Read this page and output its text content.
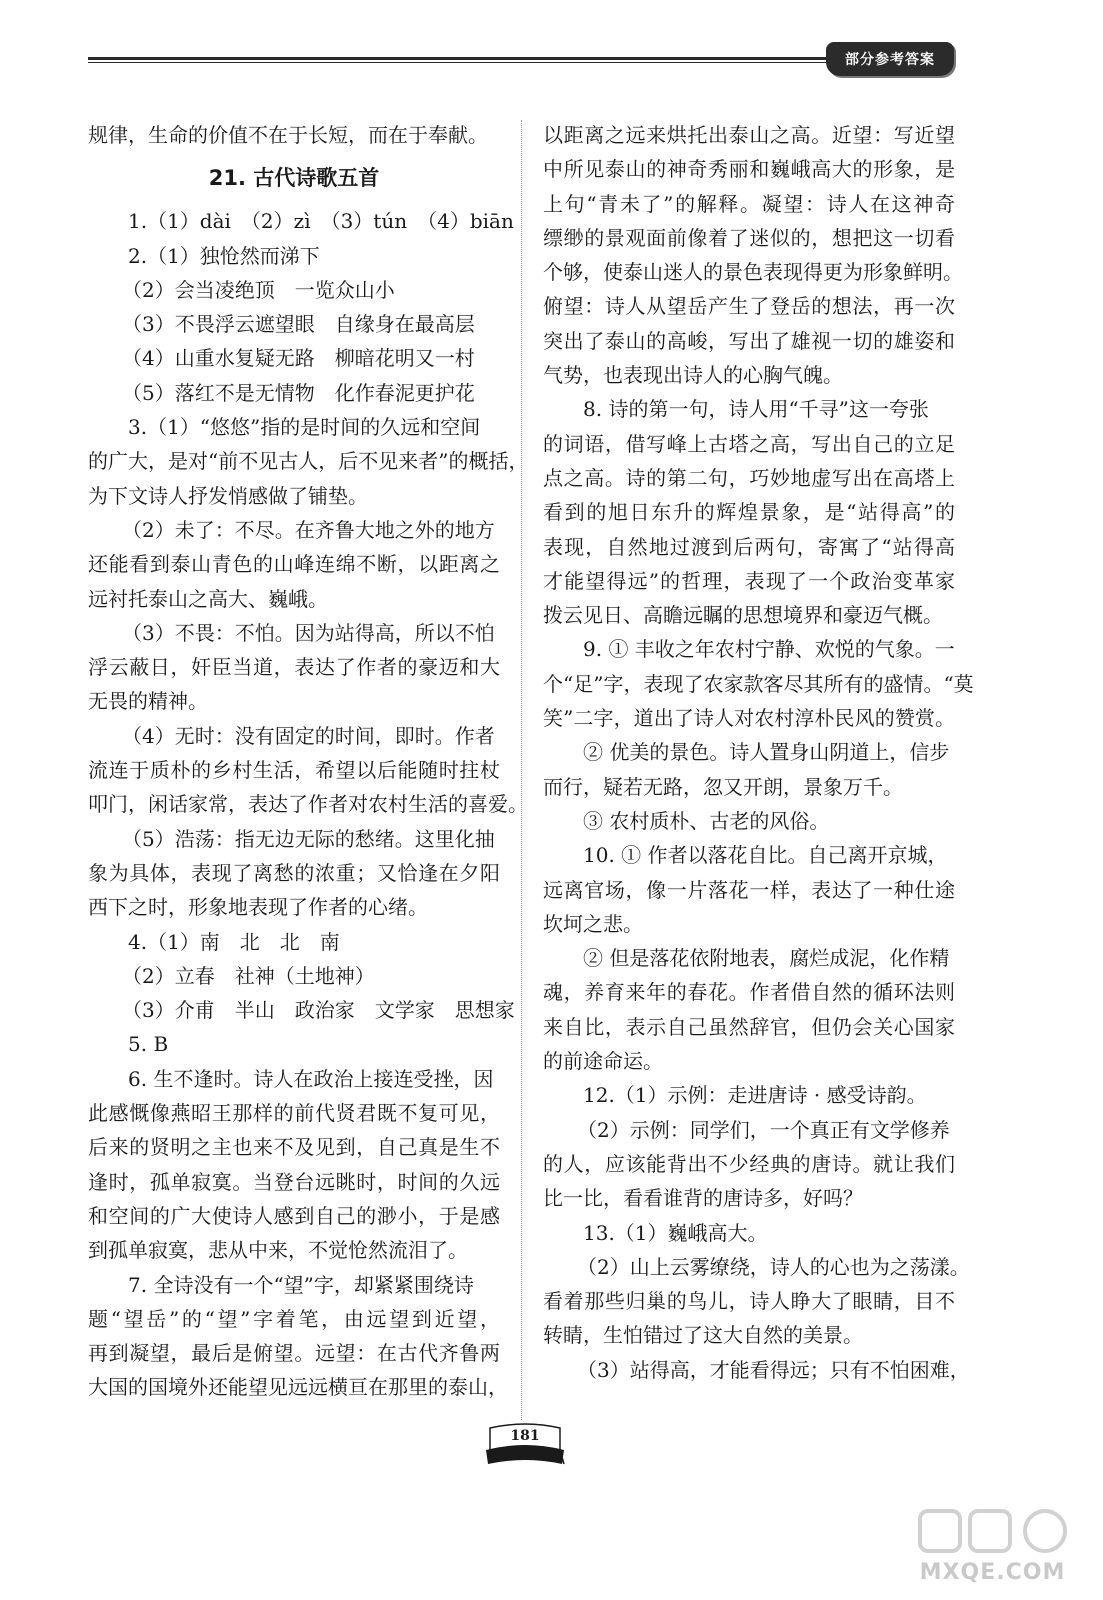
部分参考答案
规律，生命的价值不在于长短，而在于奉献。
21. 古代诗歌五首
1.（1）dài　（2）zì　（3）tún　（4）biān
2.（1）独怆然而涕下
（2）会当凌绝顶　一览众山小
（3）不畏浮云遮望眼　自缘身在最高层
（4）山重水复疑无路　柳暗花明又一村
（5）落红不是无情物　化作春泥更护花
3.（1）“悠悠”指的是时间的久远和空间
的广大，是对“前不见古人，后不见来者”的概括，
为下文诗人抒发悄感做了铺垫。
（2）未了：不尽。在齐鲁大地之外的地方
还能看到泰山青色的山峰连绵不断，以距离之
远衬托泰山之高大、巍峨。
（3）不畏：不怕。因为站得高，所以不怕
浮云蔽日，奸臣当道，表达了作者的豪迈和大
无畏的精神。
（4）无时：没有固定的时间，即时。作者
流连于质朴的乡村生活，希望以后能随时拄杖
叩门，闲话家常，表达了作者对农村生活的喜爱。
（5）浩荡：指无边无际的愁绪。这里化抽
象为具体，表现了离愁的浓重；又恰逢在夕阳
西下之时，形象地表现了作者的心绪。
4.（1）南　北　北　南
（2）立春　社神（土地神）
（3）介甫　半山　政治家　文学家　思想家
5. B
6. 生不逢时。诗人在政治上接连受挫，因
此感慨像燕昭王那样的前代贤君既不复可见，
后来的贤明之主也来不及见到，自己真是生不
逢时，孤单寂寞。当登台远眺时，时间的久远
和空间的广大使诗人感到自己的渺小，于是感
到孤单寂寞，悲从中来，不觉怆然流泪了。
7. 全诗没有一个“望”字，却紧紧围绕诗
题“望岳”的“望”字着笔，由远望到近望，
再到凝望，最后是俯望。远望：在古代齐鲁两
大国的国境外还能望见远远横亘在那里的泰山，
以距离之远来烘托出泰山之高。近望：写近望
中所见泰山的神奇秀丽和巍峨高大的形象，是
上句“青未了”的解释。凝望：诗人在这神奇
缥缈的景观面前像着了迷似的，想把这一切看
个够，使泰山迷人的景色表现得更为形象鲜明。
俯望：诗人从望岳产生了登岳的想法，再一次
突出了泰山的高峻，写出了雄视一切的雄姿和
气势，也表现出诗人的心胸气魄。
8. 诗的第一句，诗人用“千寻”这一夸张
的词语，借写峰上古塔之高，写出自己的立足
点之高。诗的第二句，巧妙地虚写出在高塔上
看到的旭日东升的辉煌景象，是“站得高”的
表现，自然地过渡到后两句，寄寓了“站得高
才能望得远”的哲理，表现了一个政治变革家
拨云见日、高瞻远瞩的思想境界和豪迈气概。
9. ① 丰收之年农村宁静、欢悦的气象。一
个“足”字，表现了农家款客尽其所有的盛情。“莫
笑”二字，道出了诗人对农村淳朴民风的赞赏。
② 优美的景色。诗人置身山阴道上，信步
而行，疑若无路，忽又开朗，景象万千。
③ 农村质朴、古老的风俗。
10. ① 作者以落花自比。自己离开京城，
远离官场，像一片落花一样，表达了一种仕途
坎坷之悲。
② 但是落花依附地表，腐烂成泥，化作精
魂，养育来年的春花。作者借自然的循环法则
来自比，表示自己虽然辞官，但仍会关心国家
的前途命运。
12.（1）示例：走进唐诗 · 感受诗韵。
（2）示例：同学们，一个真正有文学修养
的人，应该能背出不少经典的唐诗。就让我们
比一比，看看谁背的唐诗多，好吗？
13.（1）巍峨高大。
（2）山上云雾缭绕，诗人的心也为之荡漾。
看着那些归巢的鸟儿，诗人睁大了眼睛，目不
转睛，生怕错过了这大自然的美景。
（3）站得高，才能看得远；只有不怕困难，
181
MXQE.COM
